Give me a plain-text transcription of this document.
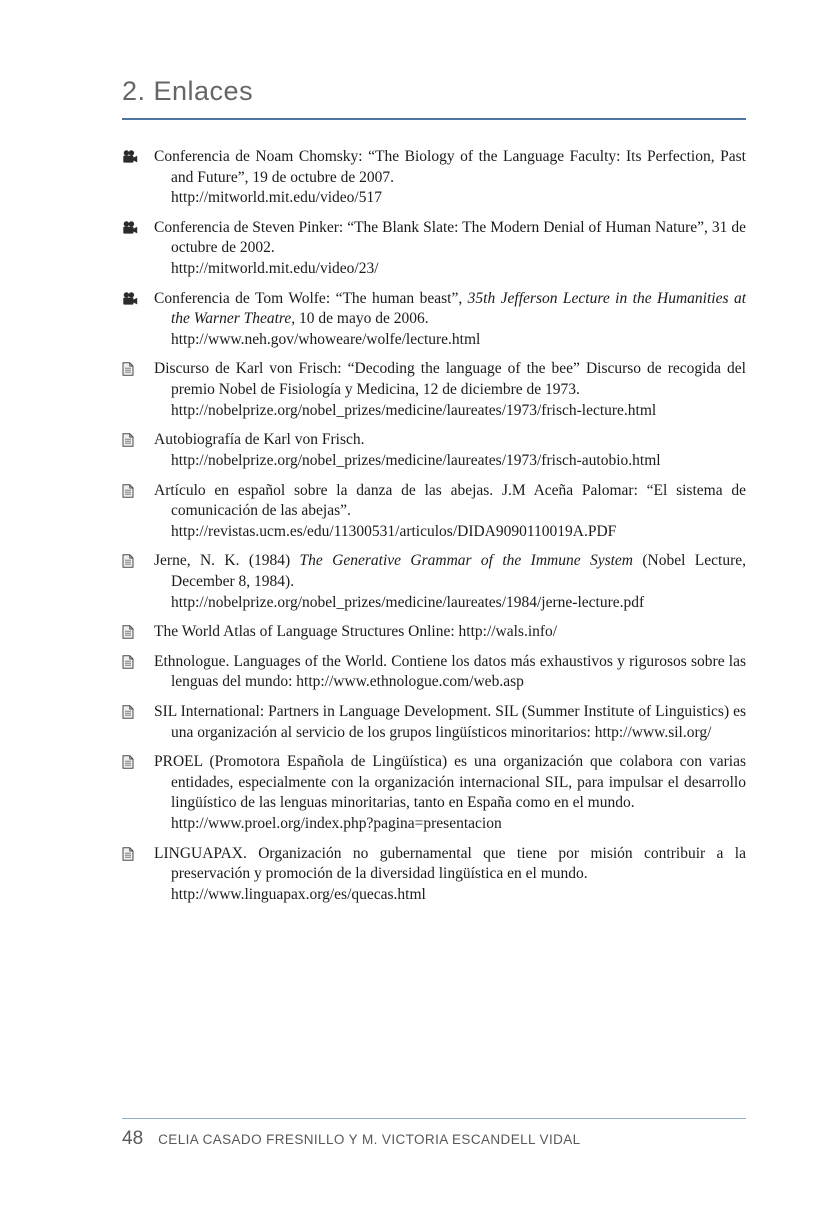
2. Enlaces
Conferencia de Noam Chomsky: “The Biology of the Language Faculty: Its Perfection, Past and Future”, 19 de octubre de 2007.
http://mitworld.mit.edu/video/517
Conferencia de Steven Pinker: “The Blank Slate: The Modern Denial of Human Nature”, 31 de octubre de 2002.
http://mitworld.mit.edu/video/23/
Conferencia de Tom Wolfe: “The human beast”, 35th Jefferson Lecture in the Humanities at the Warner Theatre, 10 de mayo de 2006.
http://www.neh.gov/whoweare/wolfe/lecture.html
Discurso de Karl von Frisch: “Decoding the language of the bee” Discurso de recogida del premio Nobel de Fisiología y Medicina, 12 de diciembre de 1973.
http://nobelprize.org/nobel_prizes/medicine/laureates/1973/frisch-lecture.html
Autobiografía de Karl von Frisch.
http://nobelprize.org/nobel_prizes/medicine/laureates/1973/frisch-autobio.html
Artículo en español sobre la danza de las abejas. J.M Aceña Palomar: “El sistema de comunicación de las abejas”.
http://revistas.ucm.es/edu/11300531/articulos/DIDA9090110019A.PDF
Jerne, N. K. (1984) The Generative Grammar of the Immune System (Nobel Lecture, December 8, 1984).
http://nobelprize.org/nobel_prizes/medicine/laureates/1984/jerne-lecture.pdf
The World Atlas of Language Structures Online: http://wals.info/
Ethnologue. Languages of the World. Contiene los datos más exhaustivos y rigurosos sobre las lenguas del mundo: http://www.ethnologue.com/web.asp
SIL International: Partners in Language Development. SIL (Summer Institute of Linguistics) es una organización al servicio de los grupos lingüísticos minoritarios: http://www.sil.org/
PROEL (Promotora Española de Lingüística) es una organización que colabora con varias entidades, especialmente con la organización internacional SIL, para impulsar el desarrollo lingüístico de las lenguas minoritarias, tanto en España como en el mundo.
http://www.proel.org/index.php?pagina=presentacion
LINGUAPAX. Organización no gubernamental que tiene por misión contribuir a la preservación y promoción de la diversidad lingüística en el mundo.
http://www.linguapax.org/es/quecas.html
48 CELIA CASADO FRESNILLO Y M. VICTORIA ESCANDELL VIDAL
